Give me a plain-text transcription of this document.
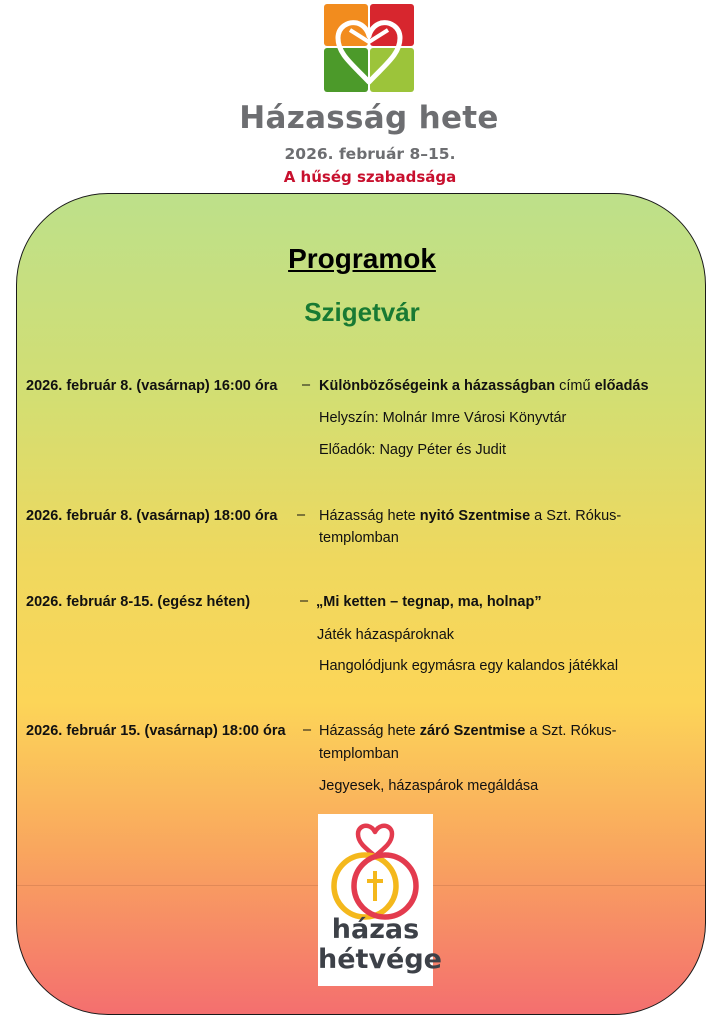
Házasság hete
2026. február 8–15.
A hűség szabadsága
Programok
Szigetvár
2026. február 8. (vasárnap) 16:00 óra – Különbözőségeink a házasságban című előadás
Helyszín: Molnár Imre Városi Könyvtár
Előadók: Nagy Péter és Judit
2026. február 8. (vasárnap) 18:00 óra – Házasság hete nyitó Szentmise a Szt. Rókus-
templomban
2026. február 8-15. (egész héten)	– „Mi ketten – tegnap, ma, holnap”
Játék házaspároknak
Hangolódjunk egymásra egy kalandos játékkal
2026. február 15. (vasárnap) 18:00 óra – Házasság hete záró Szentmise a Szt. Rókus-
templomban
Jegyesek, házaspárok megáldása
házas
hétvége
